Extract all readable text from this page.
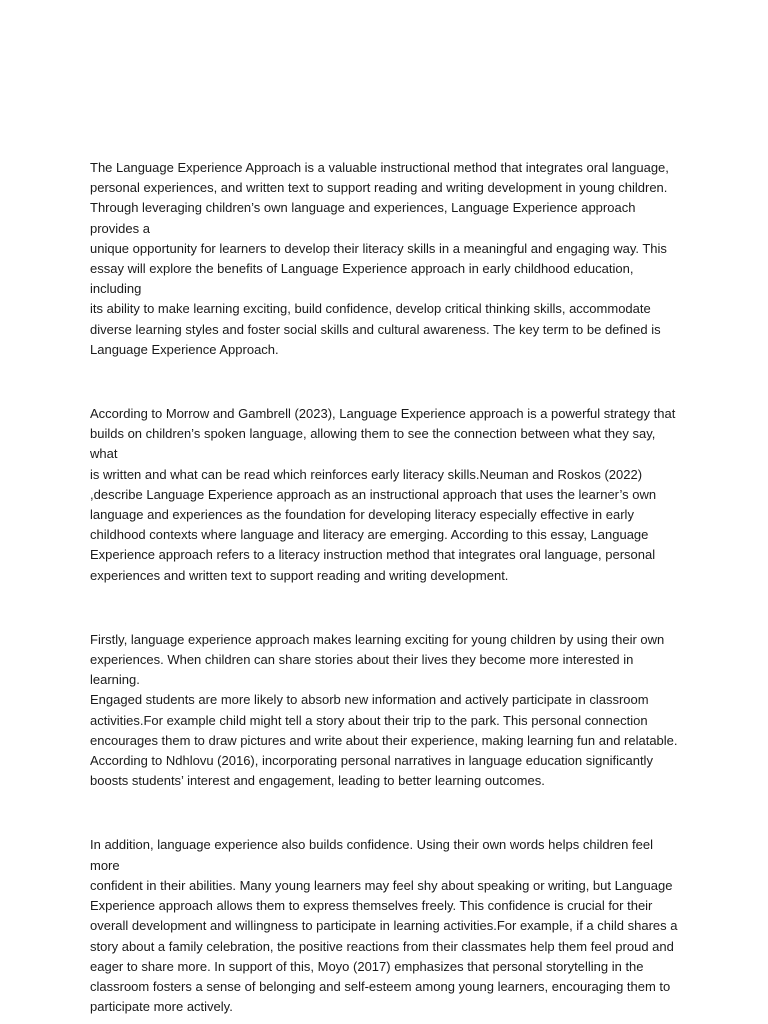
The Language Experience Approach is a valuable instructional method that integrates oral language,
personal experiences, and written text to support reading and writing development in young children.
Through leveraging children’s own language and experiences, Language Experience approach provides a
unique opportunity for learners to develop their literacy skills in a meaningful and engaging way. This
essay will explore the benefits of Language Experience approach in early childhood education, including
its ability to make learning exciting, build confidence, develop critical thinking skills, accommodate
diverse learning styles and foster social skills and cultural awareness. The key term to be defined is
Language Experience Approach.

According to Morrow and Gambrell (2023), Language Experience approach is a powerful strategy that
builds on children’s spoken language, allowing them to see the connection between what they say, what
is written and what can be read which reinforces early literacy skills.Neuman and Roskos (2022)
,describe Language Experience approach as an instructional approach that uses the learner’s own
language and experiences as the foundation for developing literacy especially effective in early
childhood contexts where language and literacy are emerging. According to this essay, Language
Experience approach refers to a literacy instruction method that integrates oral language, personal
experiences and written text to support reading and writing development.

Firstly, language experience approach makes learning exciting for young children by using their own
experiences. When children can share stories about their lives they become more interested in learning.
Engaged students are more likely to absorb new information and actively participate in classroom
activities.For example child might tell a story about their trip to the park. This personal connection
encourages them to draw pictures and write about their experience, making learning fun and relatable.
According to Ndhlovu (2016), incorporating personal narratives in language education significantly
boosts students’ interest and engagement, leading to better learning outcomes.

In addition, language experience also builds confidence. Using their own words helps children feel more
confident in their abilities. Many young learners may feel shy about speaking or writing, but Language
Experience approach allows them to express themselves freely. This confidence is crucial for their
overall development and willingness to participate in learning activities.For example, if a child shares a
story about a family celebration, the positive reactions from their classmates help them feel proud and
eager to share more. In support of this, Moyo (2017) emphasizes that personal storytelling in the
classroom fosters a sense of belonging and self-esteem among young learners, encouraging them to
participate more actively.
